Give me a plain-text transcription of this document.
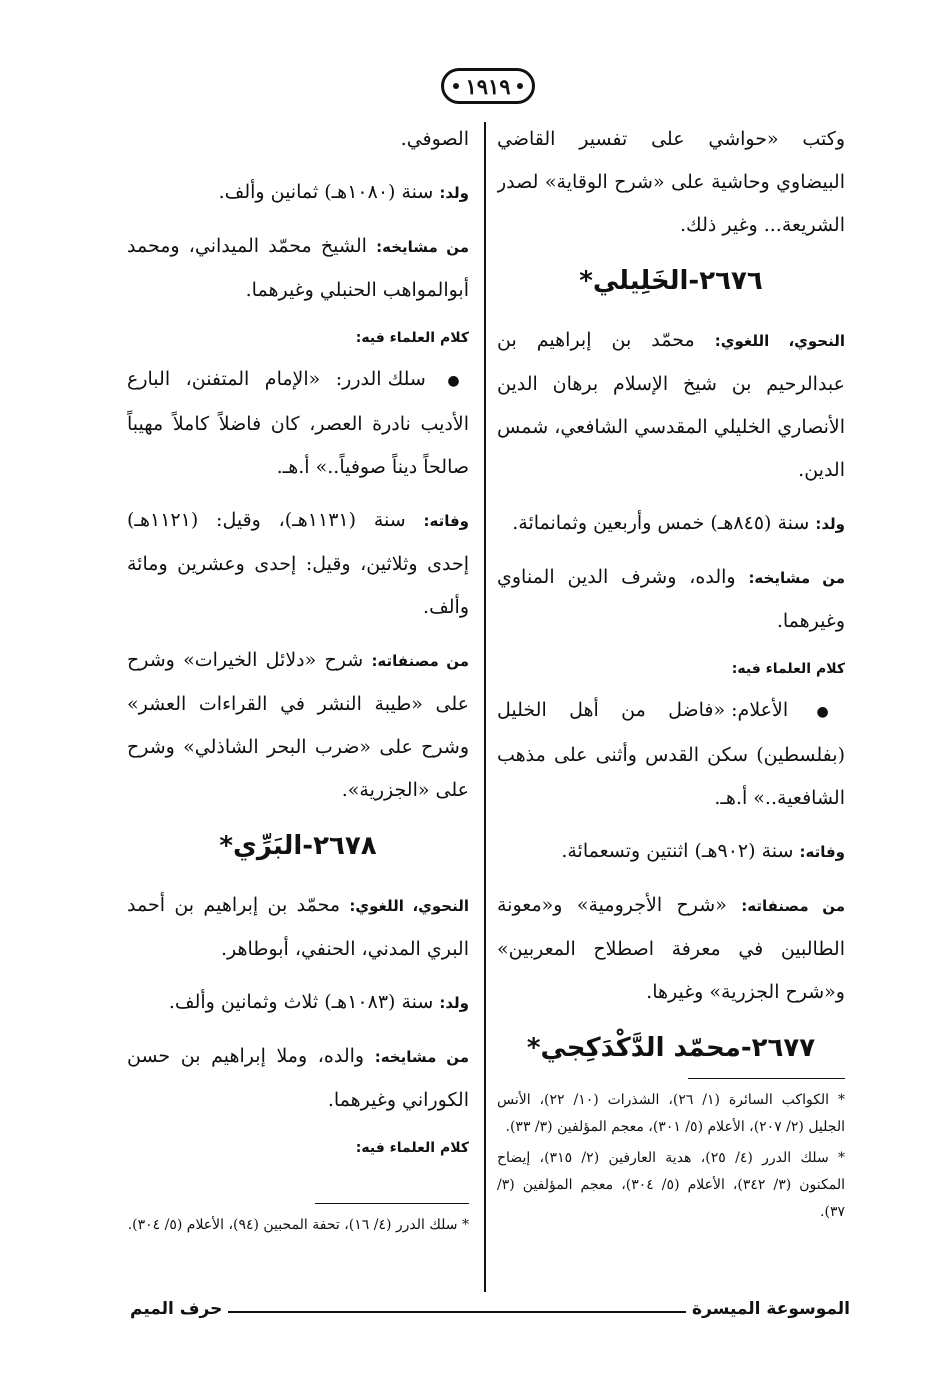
١٩١٩

وكتب «حواشي على تفسير القاضي البيضاوي وحاشية على «شرح الوقاية» لصدر الشريعة... وغير ذلك.

٢٦٧٦-الخَلِيلي*

النحوي، اللغوي: محمّد بن إبراهيم بن عبدالرحيم بن شيخ الإسلام برهان الدين الأنصاري الخليلي المقدسي الشافعي، شمس الدين.

ولد: سنة (٨٤٥هـ) خمس وأربعين وثمانمائة.

من مشايخه: والده، وشرف الدين المناوي وغيرهما.

كلام العلماء فيه:

● الأعلام: «فاضل من أهل الخليل (بفلسطين) سكن القدس وأثنى على مذهب الشافعية..» أ.هـ.

وفاته: سنة (٩٠٢هـ) اثنتين وتسعمائة.

من مصنفاته: «شرح الأجرومية» و«معونة الطالبين في معرفة اصطلاح المعربين» و«شرح الجزرية» وغيرها.

٢٦٧٧-محمّد الدَّكْدَكِجي*

* الكواكب السائرة (١/ ٢٦)، الشذرات (١٠/ ٢٢)، الأنس الجليل (٢/ ٢٠٧)، الأعلام (٥/ ٣٠١)، معجم المؤلفين (٣/ ٣٣).

* سلك الدرر (٤/ ٢٥)، هدية العارفين (٢/ ٣١٥)، إيضاح المكنون (٣/ ٣٤٢)، الأعلام (٥/ ٣٠٤)، معجم المؤلفين (٣/ ٣٧).

الصوفي.

ولد: سنة (١٠٨٠هـ) ثمانين وألف.

من مشايخه: الشيخ محمّد الميداني، ومحمد أبوالمواهب الحنبلي وغيرهما.

كلام العلماء فيه:

● سلك الدرر: «الإمام المتفنن، البارع الأديب نادرة العصر، كان فاضلاً كاملاً مهيباً صالحاً ديناً صوفياً..» أ.هـ.

وفاته: سنة (١١٣١هـ)، وقيل: (١١٢١هـ) إحدى وثلاثين، وقيل: إحدى وعشرين ومائة وألف.

من مصنفاته: شرح «دلائل الخيرات» وشرح على «طيبة النشر في القراءات العشر» وشرح على «ضرب البحر الشاذلي» وشرح على «الجزرية».

٢٦٧٨-البَرِّي*

النحوي، اللغوي: محمّد بن إبراهيم بن أحمد البري المدني، الحنفي، أبوطاهر.

ولد: سنة (١٠٨٣هـ) ثلاث وثمانين وألف.

من مشايخه: والده، وملا إبراهيم بن حسن الكوراني وغيرهما.

كلام العلماء فيه:

* سلك الدرر (٤/ ١٦)، تحفة المحبين (٩٤)، الأعلام (٥/ ٣٠٤).

الموسوعة الميسرة
حرف الميم
